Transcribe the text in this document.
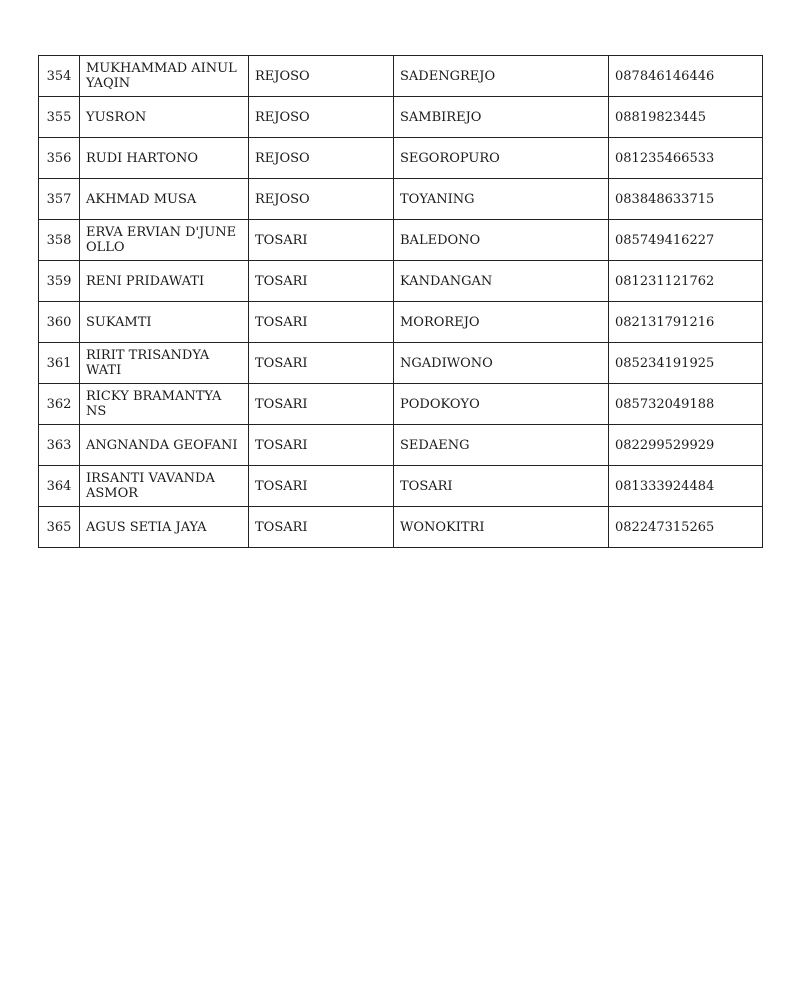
354	MUKHAMMAD AINUL YAQIN	REJOSO	SADENGREJO	087846146446
355	YUSRON	REJOSO	SAMBIREJO	08819823445
356	RUDI HARTONO	REJOSO	SEGOROPURO	081235466533
357	AKHMAD MUSA	REJOSO	TOYANING	083848633715
358	ERVA ERVIAN D'JUNE OLLO	TOSARI	BALEDONO	085749416227
359	RENI PRIDAWATI	TOSARI	KANDANGAN	081231121762
360	SUKAMTI	TOSARI	MOROREJO	082131791216
361	RIRIT TRISANDYA WATI	TOSARI	NGADIWONO	085234191925
362	RICKY BRAMANTYA NS	TOSARI	PODOKOYO	085732049188
363	ANGNANDA GEOFANI	TOSARI	SEDAENG	082299529929
364	IRSANTI VAVANDA ASMOR	TOSARI	TOSARI	081333924484
365	AGUS SETIA JAYA	TOSARI	WONOKITRI	082247315265
